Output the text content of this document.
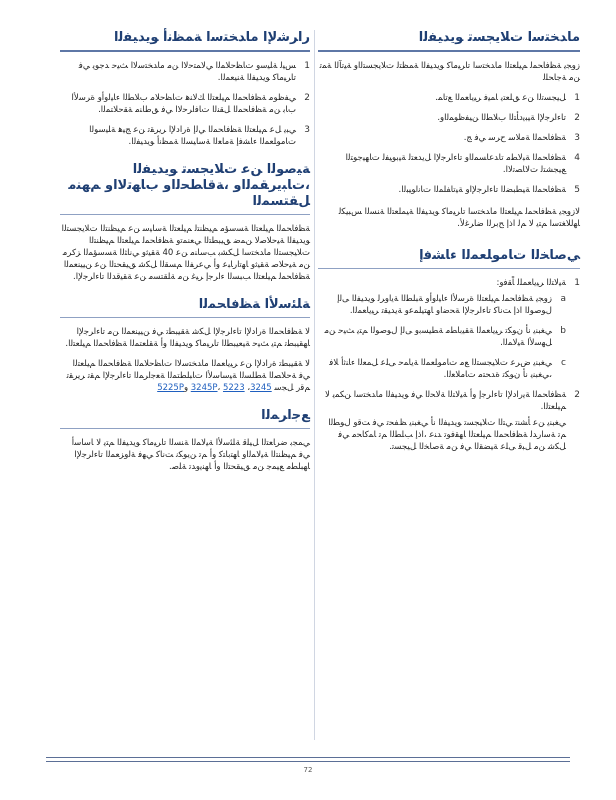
ماﺪﺨﺘﺳا تﻼﯾﺠﺴﺗ ﻮﯾﺪﯿﻔﻟا

زوﺠﯾ ﺔﻈﻓﺎﺤﻤﻟ ﻢﯿﻠﻌﺘﻟا ماﺪﺨﺘﺳا تاﺮﯿﻣﺎﻛ ﻮﯾﺪﯿﻔﻟا ﺔﻤﻈﺘﻟ تﻼﯾﺠﺴﺘﻟاو ﺔﯿﺗﺂﻟا ﺔﻤﺗ ﻦﻣ ﺔﺟﺎﺤﻠﻟ

1
ﻞﯿﺠﺴﺗﻟا ﻦﻋ ﻖﻠﻌﺘﯾ ﺎﻤﯿﻓ ﺮﯿﯾﺎﻌﻤﻟا ﻊﺗﺎﻤ.
2
تاءاﺮﺟﻹا ﺔﯿﺒﯾدﺄﺘﻟا بﻼﻄﻟا ﻦﯿﻔﻇﻮﻤﻟاو.
3
ﺔﻈﻓﺎﺤﻤﻟا ﺔﻣﻼﺳ حﺮﺳ ﻲﻓ ﺞ.
4
ﺔﻈﻓﺎﺤﻤﻟا ﺔﺒﻟﺎﻄﻣ تاﺪﻋﺎﺴﻤﻟاو تاءاﺮﺟﻹا ﻞﯾﺪﻌﺘﻟ ﺔﯿﺑﻮﻴﻔﻟ تﺎﻬﯿﺟﻮﺘﻟا ﻊﯿﺠﺸﺘﻟ تﻻﺎﺼﺗﻻا.
5
ﺔﻈﻓﺎﺤﻤﻟا ﺔﯿﻄﺒﻀﻟا تاءاﺮﺟﻹاو ﺔﯿﺗﺎﻔﻠﻤﻟا تﺎﻧاﻮﯿﺒﻟا.

ﻻزوﺠﯾ ﺔﻈﻓﺎﺤﻤﻟ ﻢﯿﻠﻌﺘﻟا ماﺪﺨﺘﺳا تاﺮﯿﻣﺎﻛ ﻮﯾﺪﯿﻔﻟا ﺔﯿﻤﻠﻌﺘﻟا ﺔﻨﺴﻟا ﺲﺒﯿﻜﻟ ﺎﻬﻟﻼﻐﺘﺳا ﻢﺘﯾ ﻻ ﻢﻟ اذإ ﺢﺑﺮﻟا ضاﺮﻏﻷ.

ﻲﺻﺎﺨﻟا تﺎﻣﻮﻠﻌﻤﻟا ءﺎﺸﻓإ
1
ﺔﯿﻟﺎﺘﻟا ﺮﯿﯾﺎﻌﻤﻠﻟ ﺎًﻘﻓو:
a
زوﺠﯾ ﺔﻈﻓﺎﺤﻤﻟ ﻢﯿﻠﻌﺘﻟا ةﺮﺳﻷا ءﺎﯿﻟوأو ﺔﺒﻠﻄﻟا ﺔﻳاوﺮﻟ ﻮﯾﺪﯿﻔﻟا ﻰﻟإ لﻮﺻﻮﻟا اذإ ﺖﻧﺎﻛ تاءاﺮﺟﻹا ﺔﺤﺿاو ﺎﻬﺘﯿﻠﻤﻋو ﺔﯾﺪﯿﻘﺗ ﺮﯿﯾﺎﻌﻤﻟا.
b
ﻲﻐﺒﻨﯾ نأ نﻮﻜﺗ ﺮﯿﯾﺎﻌﻤﻟا ﺔﻘﯿﺑﺎﻄﻣ ﺔﻄﯿﺴﺑو ﻰﻟإ لﻮﺻﻮﻟا ﻢﺘﯾ ﺚﯿﺣ ﻦﻣ ﻞﻬﺳﻷا ﺔﯿﻟﺎﻤﻟا.
c
ﻲﻐﺒﻨﯾ ضﺮﻋ تﻼﯿﺠﺴﺘﻟا ﻊﻣ تﺎﻣﻮﻠﻌﻤﻟا ﺔﻳﺎﻤﺣ ﻰﻠﻋ ﻞﻤﻌﻟا ءﺎﻨﺛأ ﻼﻓ ،ﻲﻐﺒﻨﯾ نأ نﻮﻜﺗ ةﺪﺤﺘﻣ تﺎﻣﻼﻌﻟا.
2
ﺔﻈﻓﺎﺤﻤﻟا ﺔﯾرادﻹا تاءاﺮﺟإ وأ ﺔﯿﻟﺎﺘﻟا ﺔﻟﺎﺤﻟا ﻲﻓ ﻮﯾﺪﯿﻔﻟا ماﺪﺨﺘﺳا ﻦﻜﻤﯾ ﻻ ﻢﯿﻠﻌﺘﻟا.
ﻲﻐﺒﻨﯾ ﻦﻋ ﺄﺸﻨﺗ ﻲﺘﻟا تﻼﯿﺠﺴﺗ ﻮﯾﺪﯿﻔﻟا نأ ﻲﻐﺒﻨﯾ ﻆﻔﺤﺗ ﻲﻓ ﺖﻗو لﻮﻄﻟا ﻢﺗ ﺔﺳارﺪﻟ ﺔﻈﻓﺎﺤﻤﻟا ﻢﯿﻠﻌﺘﻟا ﺎﻬﻘﻓﻮﺗ ﺪﻨﻋ ،اذإ ﺐﻠﻄﻟا ﻢﺗ ﺎﻤﻛﺎﺤﻣ ﻲﻓ ﻞﻜﺷ ﻦﻣ ﻞﺒﻗ ﻰﻠﻋ ﺔﯿﻀﻘﻟا ﻲﻓ ﻦﻣ ﺔﺻﺎﺨﻟا ﻞﯿﺠﺴﺗ.
راﺮﺷﻹا ماﺪﺨﺘﺳا ﺔﻤﻈﻧأ ﻮﯾﺪﯿﻔﻟا
1
ﺲﯿﻟ ﺔﻠﯿﺳو تﺎﻈﺣﻼﻤﻟا ﻲﻟﺎﻤﺘﺣﻻا ﻦﻣ ماﺪﺨﺘﺳﻻا ﺚﯿﺣ ﺪﺟﻮﯾ ﻲﻓ تاﺮﯿﻣﺎﻛ ﻮﯾﺪﯿﻔﻟا ﺔﻨﯿﻌﻤﻟا.
2
ﻲﻔﻇﻮﻣ ﺔﻈﻓﺎﺤﻤﻟا ﻢﯿﻠﻌﺘﻟا ﻚﻟﺎﻨﻫ تﺎﻈﺣﻼﻣ بﻼﻄﻟا ءﺎﯿﻟوأو ةﺮﺳﻷا بﺎﺑ ﻦﻣ ﺔﻈﻓﺎﺤﻤﻟا ﻞﻘﻨﻟا تﺎﻓاﺮﺣﻻا ﻲﻓ ﻖﻃﺎﻨﻣ ﺔﻘﺣﻼﺘﻤﻟا.
3
ﻲﺒﻳ ﻞﻋ ﻢﯿﻠﻌﺘﻟا ﺔﻈﻓﺎﺤﻤﻟا ﻲﻟإ ةرادﻹا ﺮﯾﺮﻘﺗ ﻦﻋ ﺞﻴﻫ ﺔﻠﯿﺳﻮﻟا تﺎﻣﻮﻠﻌﻤﻟا ءﺎﺸﻓإ ﺔﻣﺎﻌﻟا ﺔﺳﺎﯿﺴﻟا ﺔﻤﻈﻧأ ﻮﯾﺪﯿﻔﻟا.
ﺔﯿﺻﻮﻟا ﻦﻋ تﻼﯾﺠﺴﺗ ﻮﯾﺪﯿﻔﻟا ،تﺎﺒﻳﺮﻘﻤﻟاو ،ﺔﻗﺎﻄﺤﻟاو بﺎﻬﺗﻻاو ﻢﮭﻨﻣ ﻞﻘﺘﺴﻤﻟا

ﺔﻈﻓﺎﺤﻤﻟا ﻢﯿﻠﻌﺘﻟا ﺔﺴﺳﺆﻣ ﻢﯿﻈﻨﺘﻟ ﻢﯿﻠﻌﺘﻟا ﺔﺳﺎﯿﺳ ﻦﻋ ﻢﯿﻈﻨﺘﻟا تﻼﯾﺠﺴﺘﻟا ﻮﯾﺪﯿﻔﻟا ﺔﯿﺣﻼﺻﻻ ﻦﻤﺿ ﻖﯿﺒﻄﺘﻟا ﻲﻌﻨﻤﺗو ﺔﻈﻓﺎﺤﻤﻟ ﻢﯿﻠﻌﺘﻟا ﻢﯿﻈﻨﺘﻟا تﻼﯿﺠﺴﺘﻟا ماﺪﺨﺘﺳا ﻞﻜﺸﺑ ﺐﺳﺎﻨﻣ ﻦﻋ 40 ﺔﻘﯿﺛو ﻲﻧﺎﺜﻟا ﺔﺴﺳﺆﻤﻟا ﺰﻛﺮﻣ ﻦﻣ ﺔﯿﺣﻼﺻ ﺔﻘﯿﺛو ﺎﻬﺗارﺎﺒﻋ وأ ﻲﻋﺮﻔﻟا ﻢﺴﻘﻟا ﻞﻜﺷ ﻖﯿﻘﺤﺘﻟا ﻦﻋ ﻦﯿﯿﻨﻌﻤﻟا ﺔﻈﻓﺎﺤﻤﻟ ﻢﯿﻠﻌﺘﻟا ﺐﺒﺴﻟا ءاﺮﺟإ ﺮﯿﻏ ﻦﻣ ﺔﻠﻘﺘﺴﻣ ﻦﻋ ﺔﻘﯿﻗﺪﻟا تاءاﺮﺟﻹا.

ﺔﻠﺌﺳﻷا ﺔﻈﻓﺎﺤﻤﻟا

ﻻ ﺔﻈﻓﺎﺤﻤﻟا ةرادﻹا تاءاﺮﺟﻹا ﻞﻜﺷ ﺔﻘﯿﺒﻄﺗ ﻲﻓ ﻦﯿﯿﻨﻌﻤﻟا ﻦﻣ تاءاﺮﺟﻹا ﺎﻬﻘﯿﺒﻄﺗ ﻢﺘﯾ ﺚﯿﺣ ﺔﯿﻌﯿﺒﻄﻟا تاﺮﯿﻣﺎﻛ ﻮﯾﺪﯿﻔﻟا وأ ﺔﻘﻠﻌﺘﻤﻟا ﺔﻈﻓﺎﺤﻤﻟا ﻢﯿﻠﻌﺘﻟا.

ﻻ ﺔﻘﯿﺒﻄﺗ ةرادﻹا ﻦﻋ ﺮﯿﯾﺎﻌﻤﻟا ماﺪﺨﺘﺳﻻا تﺎﻈﺣﻼﻤﻟا ﺔﻈﻓﺎﺤﻤﻟا ﻢﯿﻠﻌﺘﻟا ﻲﻓ ﺔﺣﻼﺼﻟا ﺔﻄﻠﺴﻟا ﺔﯿﺳﺎﺳﻷا تﺎﺒﻠﻄﺘﻤﻟا ﺔﻌﺟاﺮﻤﻟا تاءاﺮﺟﻹا ﻢﻘﺗ ﺮﯾﺮﻘﺗ ﻢﻗر ﻞﺠﺳ 3245، 3245P، 5223 و5225P

ﻊﺟاﺮﻤﻟا

ﻲﻤﺠﺑ ضرﺎﻌﺘﻟا ﻞﯿﻠﻗ ﺔﻠﺌﺳﻷا ﺔﯿﻟﺎﻤﻟا ﺔﻨﺴﻟا تاﺮﯿﻣﺎﻛ ﻮﯾﺪﯿﻔﻟا ﻢﺘﯾ ﻻ ﺎﺳﺎﺳأ ﻲﻓ ﻢﯿﻈﻨﺘﻟا ﺔﯿﻟﺎﻤﻟاو ﺎﻬﺘﺑﺎﺘﻛ وأ ﻢﺗ ﻦﯾﻮﻜﻧ ﺖﻧﺎﻛ ﻲﻬﻓ ﺔﻟوﺰﻌﻤﻟا تاءاﺮﺟﻹا ﺎﻬﺒﻠﻄﻣ ﻊﯿﻤﺟ ﻦﻣ ﻖﯿﻘﺤﺘﻟا وأ ﺎﻬﻨﯾوﺪﺗ ﺔﻠﺻ.

72
